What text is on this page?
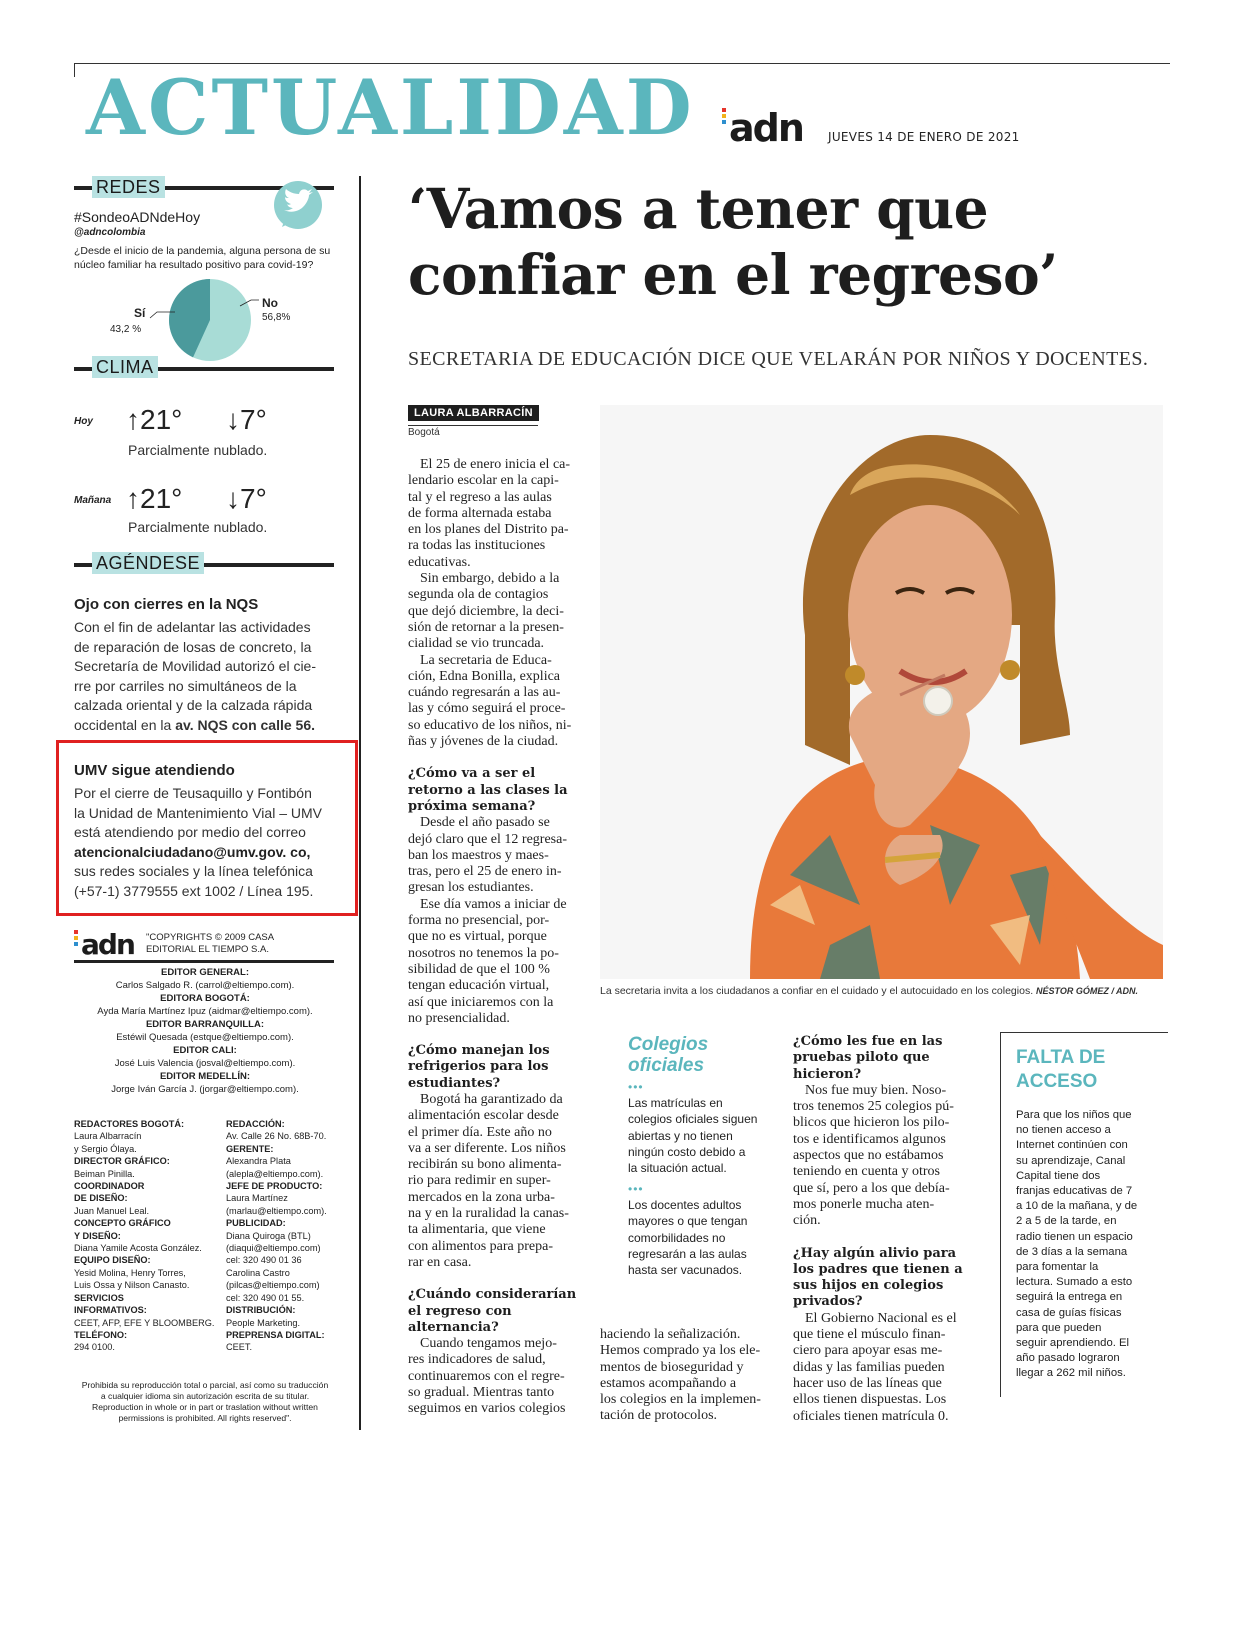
ACTUALIDAD adn JUEVES 14 DE ENERO DE 2021
REDES
#SondeoADNdeHoy
@adncolombia
¿Desde el inicio de la pandemia, alguna persona de su núcleo familiar ha resultado positivo para covid-19?
Sí
43,2 %
No
56,8%
CLIMA
Hoy ↑21° ↓7°
Parcialmente nublado.
Mañana ↑21° ↓7°
Parcialmente nublado.
AGÉNDESE
Ojo con cierres en la NQS
Con el fin de adelantar las actividades
de reparación de losas de concreto, la
Secretaría de Movilidad autorizó el cie-
rre por carriles no simultáneos de la
calzada oriental y de la calzada rápida
occidental en la av. NQS con calle 56.
UMV sigue atendiendo
Por el cierre de Teusaquillo y Fontibón
la Unidad de Mantenimiento Vial – UMV
está atendiendo por medio del correo
atencionalciudadano@umv.gov. co,
sus redes sociales y la línea telefónica
(+57-1) 3779555 ext 1002 / Línea 195.
adn "COPYRIGHTS © 2009 CASA
EDITORIAL EL TIEMPO S.A.
EDITOR GENERAL:
Carlos Salgado R. (carrol@eltiempo.com).
EDITORA BOGOTÁ:
Ayda María Martínez Ipuz (aidmar@eltiempo.com).
EDITOR BARRANQUILLA:
Estéwil Quesada (estque@eltiempo.com).
EDITOR CALI:
José Luis Valencia (josval@eltiempo.com).
EDITOR MEDELLÍN:
Jorge Iván García J. (jorgar@eltiempo.com).
REDACTORES BOGOTÁ:
Laura Albarracín
y Sergio Ólaya.
DIRECTOR GRÁFICO:
Beiman Pinilla.
COORDINADOR
DE DISEÑO:
Juan Manuel Leal.
CONCEPTO GRÁFICO
Y DISEÑO:
Diana Yamile Acosta González.
EQUIPO DISEÑO:
Yesid Molina, Henry Torres,
Luis Ossa y Nilson Canasto.
SERVICIOS
INFORMATIVOS:
CEET, AFP, EFE Y BLOOMBERG.
TELÉFONO:
294 0100.
REDACCIÓN:
Av. Calle 26 No. 68B-70.
GERENTE:
Alexandra Plata
(alepla@eltiempo.com).
JEFE DE PRODUCTO:
Laura Martínez
(marlau@eltiempo.com).
PUBLICIDAD:
Diana Quiroga (BTL)
(diaqui@eltiempo.com)
cel: 320 490 01 36
Carolina Castro
(pilcas@eltiempo.com)
cel: 320 490 01 55.
DISTRIBUCIÓN:
People Marketing.
PREPRENSA DIGITAL:
CEET.
Prohibida su reproducción total o parcial, así como su traducción
a cualquier idioma sin autorización escrita de su titular.
Reproduction in whole or in part or traslation without written
permissions is prohibited. All rights reserved".
‘Vamos a tener que
confiar en el regreso’
SECRETARIA DE EDUCACIÓN DICE QUE VELARÁN POR NIÑOS Y DOCENTES.
LAURA ALBARRACÍN
Bogotá

El 25 de enero inicia el ca-
lendario escolar en la capi-
tal y el regreso a las aulas
de forma alternada estaba
en los planes del Distrito pa-
ra todas las instituciones
educativas.

Sin embargo, debido a la
segunda ola de contagios
que dejó diciembre, la deci-
sión de retornar a la presen-
cialidad se vio truncada.

La secretaria de Educa-
ción, Edna Bonilla, explica
cuándo regresarán a las au-
las y cómo seguirá el proce-
so educativo de los niños, ni-
ñas y jóvenes de la ciudad.

¿Cómo va a ser el
retorno a las clases la
próxima semana?

Desde el año pasado se
dejó claro que el 12 regresa-
ban los maestros y maes-
tras, pero el 25 de enero in-
gresan los estudiantes.

Ese día vamos a iniciar de
forma no presencial, por-
que no es virtual, porque
nosotros no tenemos la po-
sibilidad de que el 100 %
tengan educación virtual,
así que iniciaremos con la
no presencialidad.

¿Cómo manejan los
refrigerios para los
estudiantes?

Bogotá ha garantizado da
alimentación escolar desde
el primer día. Este año no
va a ser diferente. Los niños
recibirán su bono alimenta-
rio para redimir en super-
mercados en la zona urba-
na y en la ruralidad la canas-
ta alimentaria, que viene
con alimentos para prepa-
rar en casa.

¿Cuándo considerarían
el regreso con
alternancia?

Cuando tengamos mejo-
res indicadores de salud,
continuaremos con el regre-
so gradual. Mientras tanto
seguimos en varios colegios

haciendo la señalización.
Hemos comprado ya los ele-
mentos de bioseguridad y
estamos acompañando a
los colegios en la implemen-
tación de protocolos.
¿Cómo les fue en las
pruebas piloto que
hicieron?

Nos fue muy bien. Noso-
tros tenemos 25 colegios pú-
blicos que hicieron los pilo-
tos e identificamos algunos
aspectos que no estábamos
teniendo en cuenta y otros
que sí, pero a los que debía-
mos ponerle mucha aten-
ción.

¿Hay algún alivio para
los padres que tienen a
sus hijos en colegios
privados?

El Gobierno Nacional es el
que tiene el músculo finan-
ciero para apoyar esas me-
didas y las familias pueden
hacer uso de las líneas que
ellos tienen dispuestas. Los
oficiales tienen matrícula 0.

La secretaria invita a los ciudadanos a confiar en el cuidado y el autocuidado en los colegios. NÉSTOR GÓMEZ / ADN.
Colegios
oficiales
•••
Las matrículas en
colegios oficiales siguen
abiertas y no tienen
ningún costo debido a
la situación actual.
•••
Los docentes adultos
mayores o que tengan
comorbilidades no
regresarán a las aulas
hasta ser vacunados.
FALTA DE
ACCESO
Para que los niños que
no tienen acceso a
Internet continúen con
su aprendizaje, Canal
Capital tiene dos
franjas educativas de 7
a 10 de la mañana, y de
2 a 5 de la tarde, en
radio tienen un espacio
de 3 días a la semana
para fomentar la
lectura. Sumado a esto
seguirá la entrega en
casa de guías físicas
para que pueden
seguir aprendiendo. El
año pasado lograron
llegar a 262 mil niños.
